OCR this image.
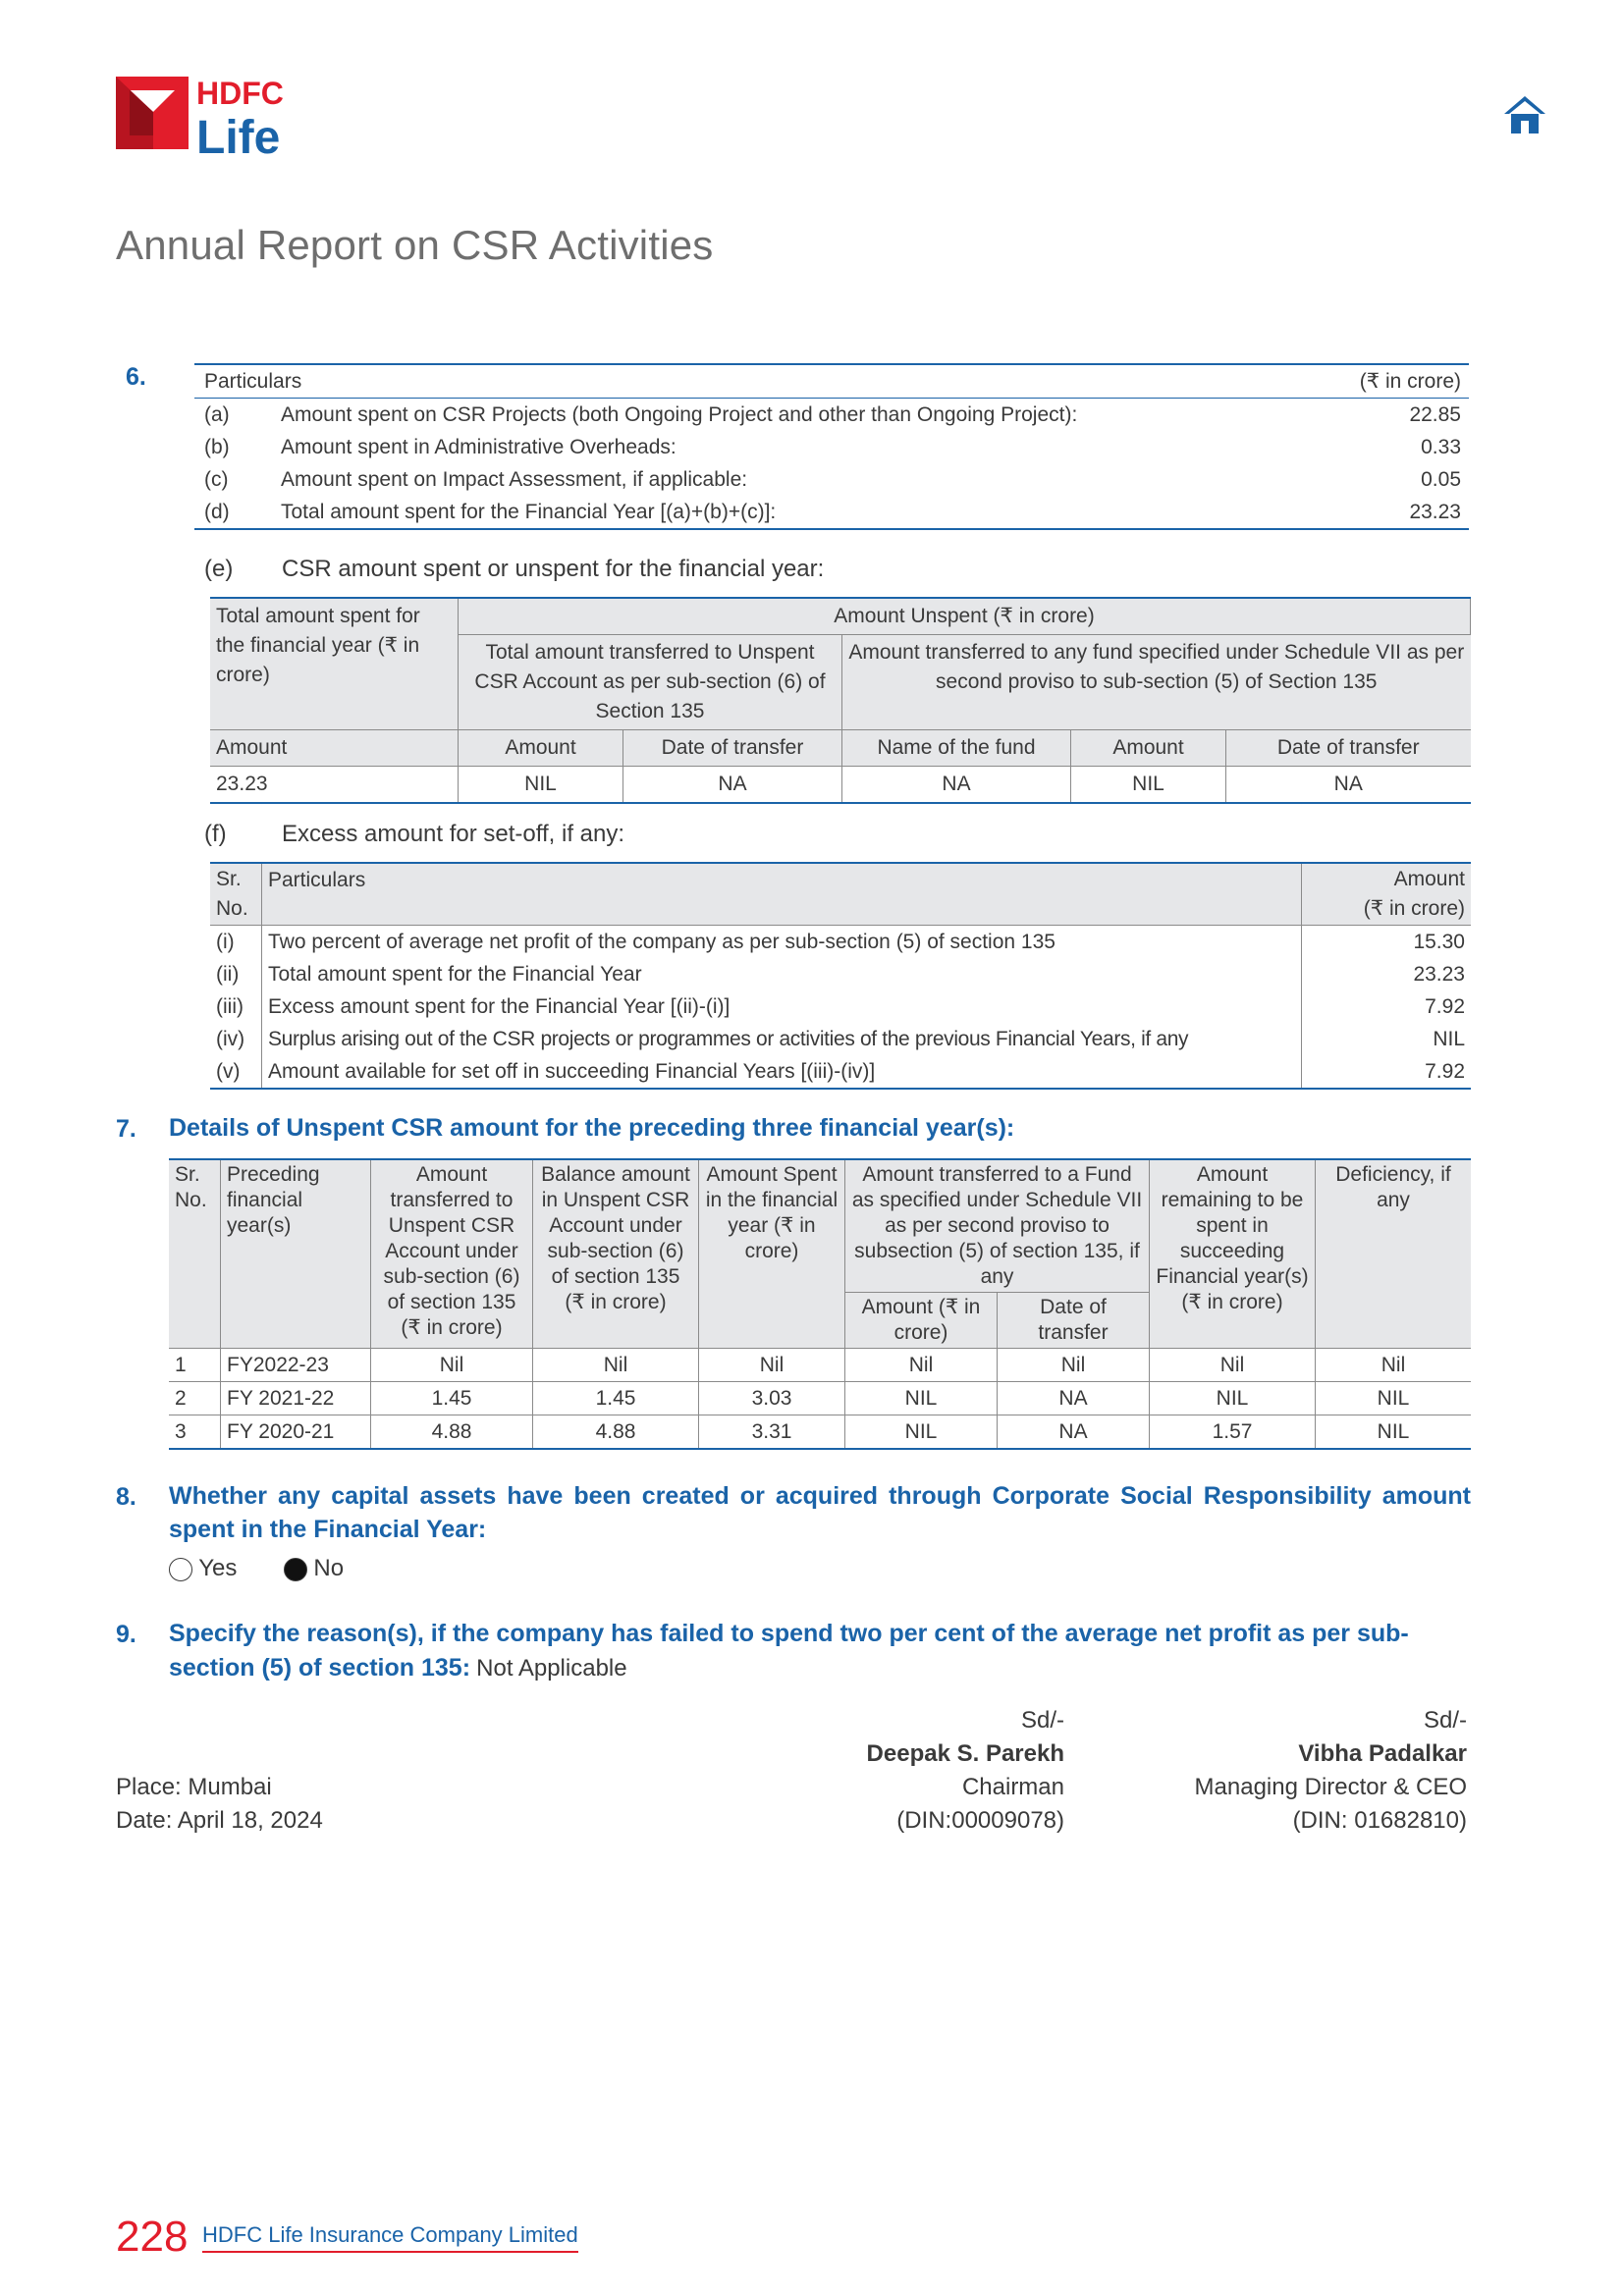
HDFC
Life
Annual Report on CSR Activities
6.	Particulars		(₹ in crore)
(a)	Amount spent on CSR Projects (both Ongoing Project and other than Ongoing Project):	22.85
(b)	Amount spent in Administrative Overheads:	0.33
(c)	Amount spent on Impact Assessment, if applicable:	0.05
(d)	Total amount spent for the Financial Year [(a)+(b)+(c)]:	23.23
(e) CSR amount spent or unspent for the financial year:
Total amount spent for the financial year (₹ in crore)	Amount Unspent (₹ in crore)				
	Total amount transferred to Unspent CSR Account as per sub-section (6) of Section 135		Amount transferred to any fund specified under Schedule VII as per second proviso to sub-section (5) of Section 135		
Amount	Amount	Date of transfer	Name of the fund	Amount	Date of transfer
23.23	NIL	NA	NA	NIL	NA
(f) Excess amount for set-off, if any:
Sr. No.	Particulars	Amount
(₹ in crore)
(i)	Two percent of average net profit of the company as per sub-section (5) of section 135	15.30
(ii)	Total amount spent for the Financial Year	23.23
(iii)	Excess amount spent for the Financial Year [(ii)-(i)]	7.92
(iv)	Surplus arising out of the CSR projects or programmes or activities of the previous Financial Years, if any	NIL
(v)	Amount available for set off in succeeding Financial Years [(iii)-(iv)]	7.92
7. Details of Unspent CSR amount for the preceding three financial year(s):
Sr. No.	Preceding financial year(s)	Amount transferred to Unspent CSR Account under sub-section (6) of section 135 (₹ in crore)	Balance amount in Unspent CSR Account under sub-section (6) of section 135 (₹ in crore)	Amount Spent in the financial year (₹ in crore)	Amount transferred to a Fund as specified under Schedule VII as per second proviso to subsection (5) of section 135, if any		Amount remaining to be spent in succeeding Financial year(s) (₹ in crore)	Deficiency, if any
					Amount (₹ in crore)	Date of transfer		
1	FY2022-23	Nil	Nil	Nil	Nil	Nil	Nil	Nil
2	FY 2021-22	1.45	1.45	3.03	NIL	NA	NIL	NIL
3	FY 2020-21	4.88	4.88	3.31	NIL	NA	1.57	NIL
8. Whether any capital assets have been created or acquired through Corporate Social Responsibility amount spent in the Financial Year:
Yes	No
9. Specify the reason(s), if the company has failed to spend two per cent of the average net profit as per sub-section (5) of section 135: Not Applicable
Place: Mumbai
Date: April 18, 2024
Sd/-
Deepak S. Parekh
Chairman
(DIN:00009078)
Sd/-
Vibha Padalkar
Managing Director & CEO
(DIN: 01682810)
228 HDFC Life Insurance Company Limited
